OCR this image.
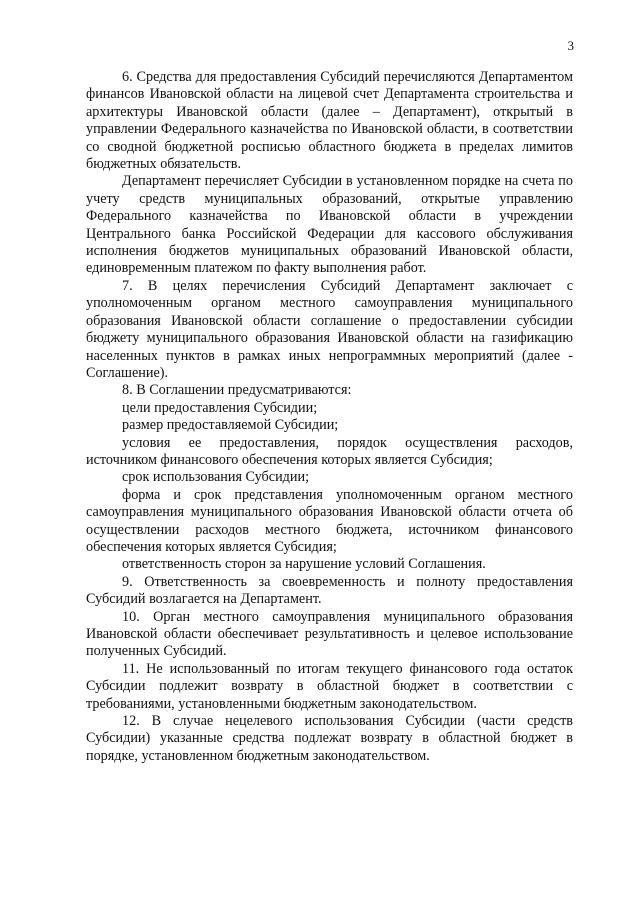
3

6. Средства для предоставления Субсидий перечисляются Департаментом финансов Ивановской области на лицевой счет Департамента строительства и архитектуры Ивановской области (далее – Департамент), открытый в управлении Федерального казначейства по Ивановской области, в соответствии со сводной бюджетной росписью областного бюджета в пределах лимитов бюджетных обязательств.

Департамент перечисляет Субсидии в установленном порядке на счета по учету средств муниципальных образований, открытые управлению Федерального казначейства по Ивановской области в учреждении Центрального банка Российской Федерации для кассового обслуживания исполнения бюджетов муниципальных образований Ивановской области, единовременным платежом по факту выполнения работ.

7. В целях перечисления Субсидий Департамент заключает с уполномоченным органом местного самоуправления муниципального образования Ивановской области соглашение о предоставлении субсидии бюджету муниципального образования Ивановской области на газификацию населенных пунктов в рамках иных непрограммных мероприятий (далее - Соглашение).

8. В Соглашении предусматриваются:

цели предоставления Субсидии;

размер предоставляемой Субсидии;

условия ее предоставления, порядок осуществления расходов, источником финансового обеспечения которых является Субсидия;

срок использования Субсидии;

форма и срок представления уполномоченным органом местного самоуправления муниципального образования Ивановской области отчета об осуществлении расходов местного бюджета, источником финансового обеспечения которых является Субсидия;

ответственность сторон за нарушение условий Соглашения.

9. Ответственность за своевременность и полноту предоставления Субсидий возлагается на Департамент.

10. Орган местного самоуправления муниципального образования Ивановской области обеспечивает результативность и целевое использование полученных Субсидий.

11. Не использованный по итогам текущего финансового года остаток Субсидии подлежит возврату в областной бюджет в соответствии с требованиями, установленными бюджетным законодательством.

12. В случае нецелевого использования Субсидии (части средств Субсидии) указанные средства подлежат возврату в областной бюджет в порядке, установленном бюджетным законодательством.
